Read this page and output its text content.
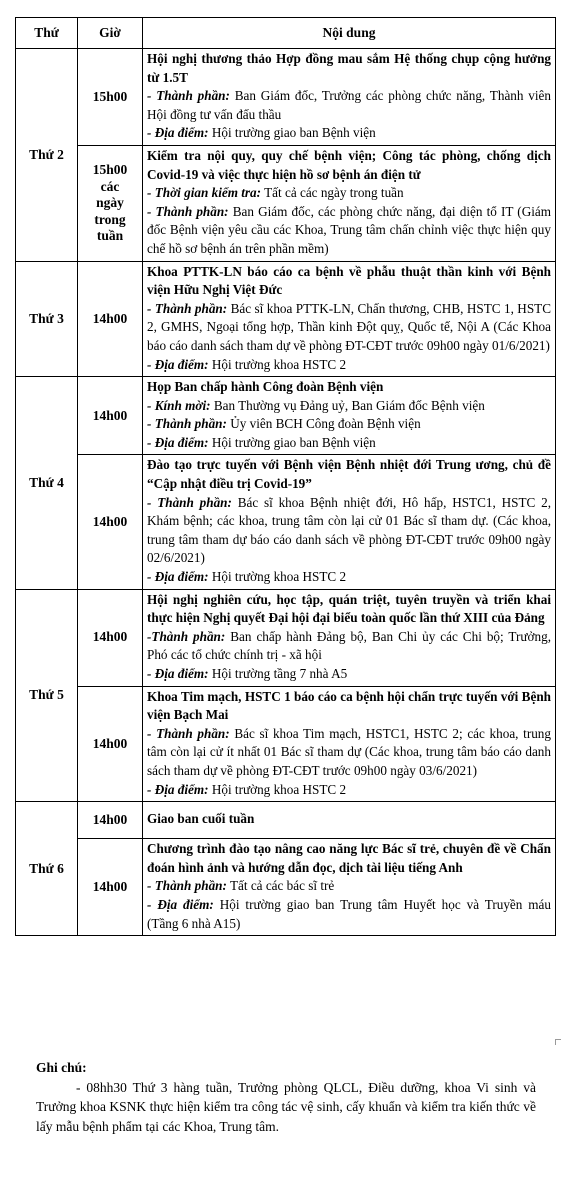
Thứ	Giờ	Nội dung
Thứ 2	15h00	Hội nghị thương thảo Hợp đồng mau sắm Hệ thống chụp cộng hưởng từ 1.5T

- Thành phần: Ban Giám đốc, Trưởng các phòng chức năng, Thành viên Hội đồng tư vấn đấu thầu

- Địa điểm: Hội trường giao ban Bệnh viện

	15h00 các ngày trong tuần	Kiểm tra nội quy, quy chế bệnh viện; Công tác phòng, chống dịch Covid-19 và việc thực hiện hồ sơ bệnh án điện tử

- Thời gian kiểm tra: Tất cả các ngày trong tuần

- Thành phần: Ban Giám đốc, các phòng chức năng, đại diện tổ IT (Giám đốc Bệnh viện yêu cầu các Khoa, Trung tâm chấn chỉnh việc thực hiện quy chế hồ sơ bệnh án trên phần mềm)

Thứ 3	14h00	Khoa PTTK-LN báo cáo ca bệnh về phẫu thuật thần kinh với Bệnh viện Hữu Nghị Việt Đức

- Thành phần: Bác sĩ khoa PTTK-LN, Chấn thương, CHB, HSTC 1, HSTC 2, GMHS, Ngoại tổng hợp, Thần kinh Đột quỵ, Quốc tế, Nội A (Các Khoa báo cáo danh sách tham dự về phòng ĐT-CĐT trước 09h00 ngày 01/6/2021)

- Địa điểm: Hội trường khoa HSTC 2

Thứ 4	14h00	Họp Ban chấp hành Công đoàn Bệnh viện

- Kính mời: Ban Thường vụ Đảng uỷ, Ban Giám đốc Bệnh viện

- Thành phần: Ủy viên BCH Công đoàn Bệnh viện

- Địa điểm: Hội trường giao ban Bệnh viện

	14h00	Đào tạo trực tuyến với Bệnh viện Bệnh nhiệt đới Trung ương, chủ đề “Cập nhật điều trị Covid-19”

- Thành phần: Bác sĩ khoa Bệnh nhiệt đới, Hô hấp, HSTC1, HSTC 2, Khám bệnh; các khoa, trung tâm còn lại cử 01 Bác sĩ tham dự. (Các khoa, trung tâm tham dự báo cáo danh sách về phòng ĐT-CĐT trước 09h00 ngày 02/6/2021)

- Địa điểm: Hội trường khoa HSTC 2

Thứ 5	14h00	Hội nghị nghiên cứu, học tập, quán triệt, tuyên truyền và triển khai thực hiện Nghị quyết Đại hội đại biểu toàn quốc lần thứ XIII của Đảng

-Thành phần: Ban chấp hành Đảng bộ, Ban Chi ủy các Chi bộ; Trưởng, Phó các tổ chức chính trị - xã hội

- Địa điểm: Hội trường tầng 7 nhà A5

	14h00	Khoa Tim mạch, HSTC 1 báo cáo ca bệnh hội chẩn trực tuyến với Bệnh viện Bạch Mai

- Thành phần: Bác sĩ khoa Tim mạch, HSTC1, HSTC 2; các khoa, trung tâm còn lại cử ít nhất 01 Bác sĩ tham dự (Các khoa, trung tâm báo cáo danh sách tham dự về phòng ĐT-CĐT trước 09h00 ngày 03/6/2021)

- Địa điểm: Hội trường khoa HSTC 2

Thứ 6	14h00	Giao ban cuối tuần

	14h00	Chương trình đào tạo nâng cao năng lực Bác sĩ trẻ, chuyên đề về Chẩn đoán hình ảnh và hướng dẫn đọc, dịch tài liệu tiếng Anh

- Thành phần: Tất cả các bác sĩ trẻ

- Địa điểm: Hội trường giao ban Trung tâm Huyết học và Truyền máu (Tầng 6 nhà A15)

Ghi chú:

- 08hh30 Thứ 3 hàng tuần, Trưởng phòng QLCL, Điều dưỡng, khoa Vi sinh và Trưởng khoa KSNK thực hiện kiểm tra công tác vệ sinh, cấy khuẩn và kiểm tra kiến thức về lấy mẫu bệnh phẩm tại các Khoa, Trung tâm.
